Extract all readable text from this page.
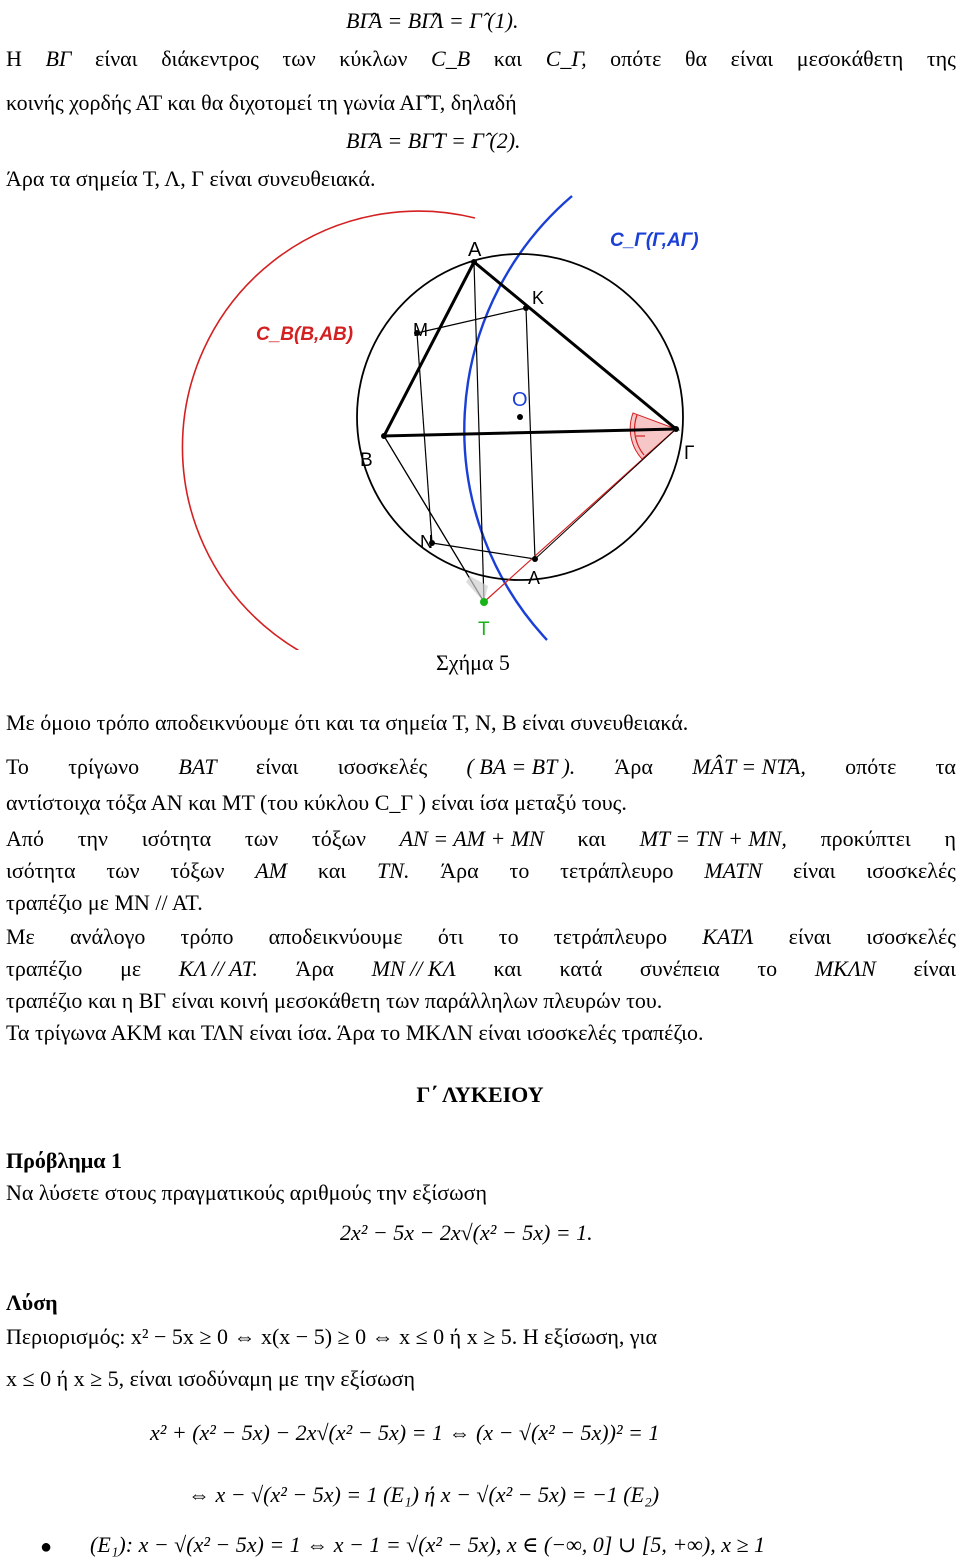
BΓ̂Α = BΓ̂Λ = Γ̂ (1).
Η ΒΓ είναι διάκεντρος των κύκλων C_B και C_Γ, οπότε θα είναι μεσοκάθετη της
κοινής χορδής ΑΤ και θα διχοτομεί τη γωνία ΑΓ̂Τ, δηλαδή
ΒΓ̂Α = ΒΓ̂Τ = Γ̂ (2).
Άρα τα σημεία Τ, Λ, Γ είναι συνευθειακά.
Α
Κ
Μ
Ο
Β	Γ
Ν
Λ
Τ
C_Γ(Γ,ΑΓ)
C_B(B,AB)
Σχήμα 5
Με όμοιο τρόπο αποδεικνύουμε ότι και τα σημεία Τ, Ν, Β είναι συνευθειακά.
Το τρίγωνο ΒΑΤ είναι ισοσκελές ( ΒΑ = ΒΤ ). Άρα ΜÂΤ = ΝΤ̂Α, οπότε τα
αντίστοιχα τόξα ΑΝ και ΜΤ (του κύκλου C_Γ ) είναι ίσα μεταξύ τους.
Από την ισότητα των τόξων ΑΝ = ΑΜ + ΜΝ και ΜΤ = ΤΝ + ΜΝ, προκύπτει η
ισότητα των τόξων ΑΜ και ΤΝ. Άρα το τετράπλευρο ΜΑΤΝ είναι ισοσκελές
τραπέζιο με ΜΝ // ΑΤ.
Με ανάλογο τρόπο αποδεικνύουμε ότι το τετράπλευρο ΚΑΤΛ είναι ισοσκελές
τραπέζιο με ΚΛ // ΑΤ. Άρα ΜΝ // ΚΛ και κατά συνέπεια το ΜΚΛΝ είναι
τραπέζιο και η ΒΓ είναι κοινή μεσοκάθετη των παράλληλων πλευρών του.
Τα τρίγωνα ΑΚΜ και ΤΛΝ είναι ίσα. Άρα το ΜΚΛΝ είναι ισοσκελές τραπέζιο.
Γ΄ ΛΥΚΕΙΟΥ
Πρόβλημα 1
Να λύσετε στους πραγματικούς αριθμούς την εξίσωση
2x² − 5x − 2x√(x² − 5x) = 1.
Λύση
Περιορισμός: x² − 5x ≥ 0 ⇔ x(x − 5) ≥ 0 ⇔ x ≤ 0 ή x ≥ 5. Η εξίσωση, για
x ≤ 0 ή x ≥ 5, είναι ισοδύναμη με την εξίσωση
x² + (x² − 5x) − 2x√(x² − 5x) = 1 ⇔ (x − √(x² − 5x))² = 1
⇔ x − √(x² − 5x) = 1 (Ε₁) ή x − √(x² − 5x) = −1 (Ε₂)
● (Ε₁): x − √(x² − 5x) = 1 ⇔ x − 1 = √(x² − 5x), x ∈ (−∞, 0] ∪ [5, +∞), x ≥ 1
